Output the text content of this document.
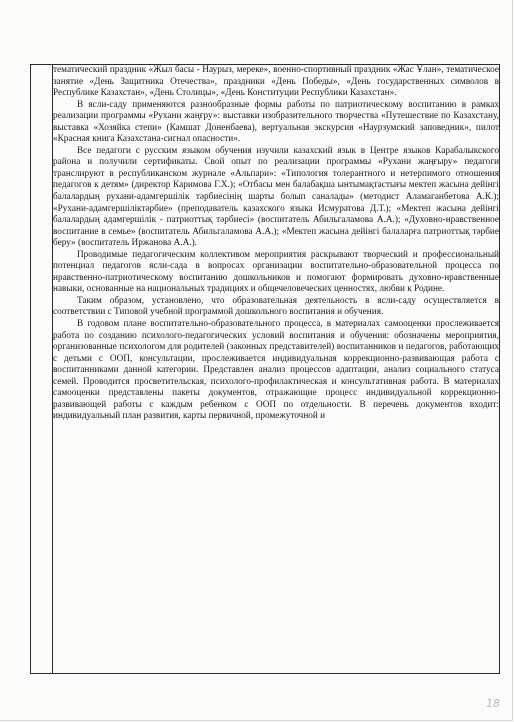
тематический праздник «Жыл басы - Наурыз, мереке», военно-спортивный праздник «Жас Ұлан», тематическое занятие «День Защитника Отечества», праздники «День Победы», «День государственных символов в Республике Казахстан», «День Столицы», «День Конституции Республики Казахстан».

В ясли-саду применяются разнообразные формы работы по патриотическому воспитанию в рамках реализации программы «Рухани жаңғру»: выставки изобразительного творчества «Путешествие по Казахстану, выставка «Хозяйка степи» (Камшат Доненбаева), вертуальная экскурсия «Наурзумский заповедник», пилот «Красная книга Казахстана-сигнал опасности».

Все педагоги с русским языком обучения изучили казахский язык в Центре языков Карабалыкского района и получили сертификаты. Свой опыт по реализации программы «Рухани жаңғыру» педагоги транслируют в республиканском журнале «Альпари»: «Типология толерантного и нетерпимого отношения педагогов к детям» (директор Каримова Г.Х.); «Отбасы мен балабақша ынтымақтастығы мектеп жасына дейінгі балалардың рухани-адамгершілік тәрбиесінің шарты болып саналады» (методист Аламаганбетова А.К.); «Рухани-адамгершіліктәрбие» (преподаватель казахского языка Исмуратова Д.Т.); «Мектеп жасына дейінгі балалардың адамгершілік - патриоттық тәрбиесі» (воспитатель Абильгаламова А.А.); «Духовно-нравственное воспитание в семье» (воспитатель Абильгаламова А.А.); «Мектеп жасына дейінгі балаларға патриоттық тәрбие беру» (воспитатель Иржанова А.А.).

Проводимые педагогическим коллективом мероприятия раскрывают творческий и профессиональный потенциал педагогов ясли-сада в вопросах организации воспитательно-образовательной процесса по нравственно-патриотическому воспитанию дошкольников и помогают формировать духовно-нравственные навыки, основанные на национальных традициях и общечеловеческих ценностях, любви к Родине.

Таким образом, установлено, что образовательная деятельность в ясли-саду осуществляется в соответствии с Типовой учебной программой дошкольного воспитания и обучения.

В годовом плане воспитательно-образовательного процесса, в материалах самооценки прослеживается работа по созданию психолого-педагогических условий воспитания и обучения: обозначены мероприятия, организованные психологом для родителей (законных представителей) воспитанников и педагогов, работающих с детьми с ООП, консультации, прослеживается индивидуальная коррекционно-развивающая работа с воспитанниками данной категории. Представлен анализ процессов адаптации, анализ социального статуса семей. Проводится просветительская, психолого-профилактическая и консультативная работа. В материалах самооценки представлены пакеты документов, отражающие процесс индивидуальной коррекционно-развивающей работы с каждым ребенком с ООП по отдельности. В перечень документов входит: индивидуальный план развития, карты первичной, промежуточной и

18
